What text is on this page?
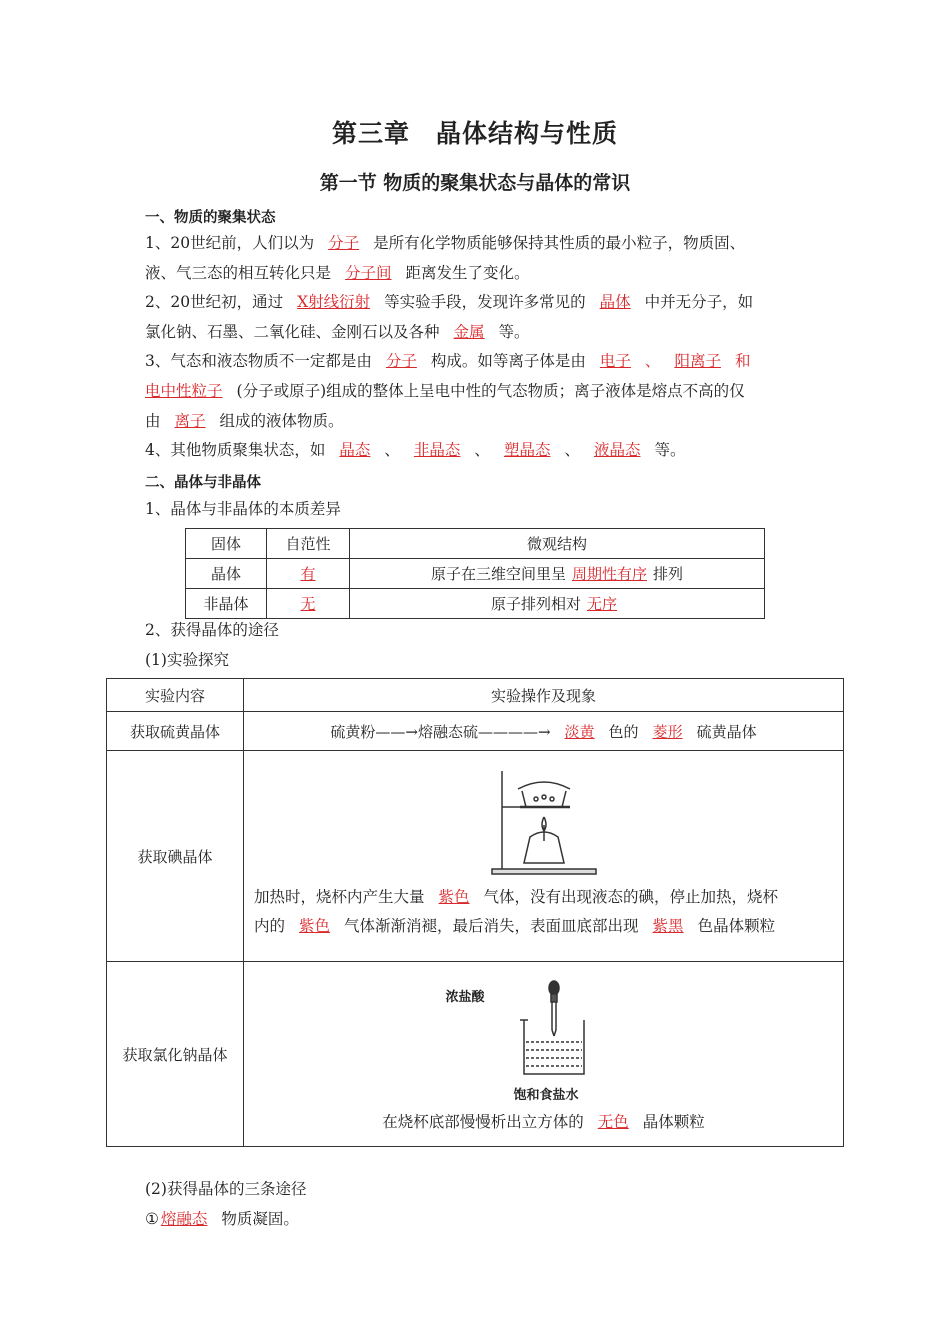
第三章　晶体结构与性质
第一节 物质的聚集状态与晶体的常识
一、物质的聚集状态
1、20世纪前，人们以为 分子 是所有化学物质能够保持其性质的最小粒子，物质固、
液、气三态的相互转化只是 分子间 距离发生了变化。
2、20世纪初，通过 X射线衍射 等实验手段，发现许多常见的 晶体 中并无分子，如
氯化钠、石墨、二氧化硅、金刚石以及各种 金属 等。
3、气态和液态物质不一定都是由 分子 构成。如等离子体是由 电子 、 阳离子 和
电中性粒子 (分子或原子)组成的整体上呈电中性的气态物质；离子液体是熔点不高的仅
由 离子 组成的液体物质。
4、其他物质聚集状态，如 晶态 、 非晶态 、 塑晶态 、 液晶态 等。
二、晶体与非晶体
1、晶体与非晶体的本质差异
固体	自范性	微观结构
晶体	有	原子在三维空间里呈 周期性有序 排列
非晶体	无	原子排列相对 无序
2、获得晶体的途径
(1)实验探究
实验内容	实验操作及现象
获取硫黄晶体	硫黄粉——→熔融态硫————→ 淡黄 色的 菱形 硫黄晶体
获取碘晶体	加热时，烧杯内产生大量 紫色 气体，没有出现液态的碘，停止加热，烧杯
内的 紫色 气体渐渐消褪，最后消失，表面皿底部出现 紫黑 色晶体颗粒

获取氯化钠晶体	浓盐酸
饱和食盐水
在烧杯底部慢慢析出立方体的 无色 晶体颗粒
(2)获得晶体的三条途径
① 熔融态 物质凝固。
